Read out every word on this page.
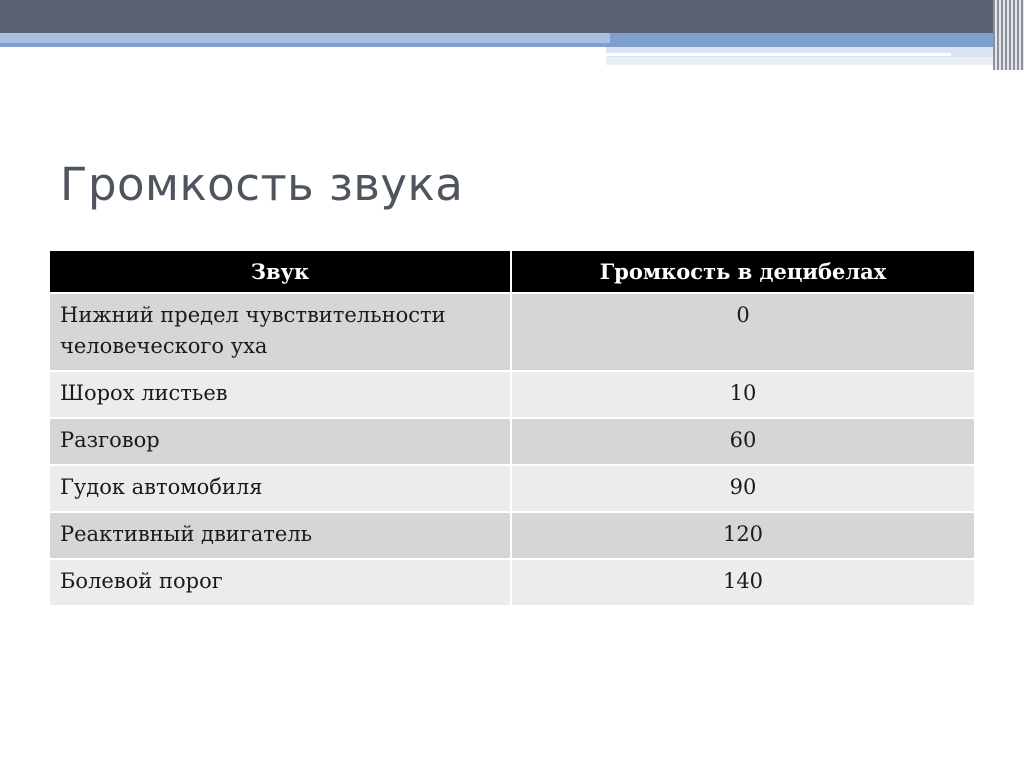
Громкость звука
Звук	Громкость в децибелах
Нижний предел чувствительности человеческого уха	0
Шорох листьев	10
Разговор	60
Гудок автомобиля	90
Реактивный двигатель	120
Болевой порог	140
